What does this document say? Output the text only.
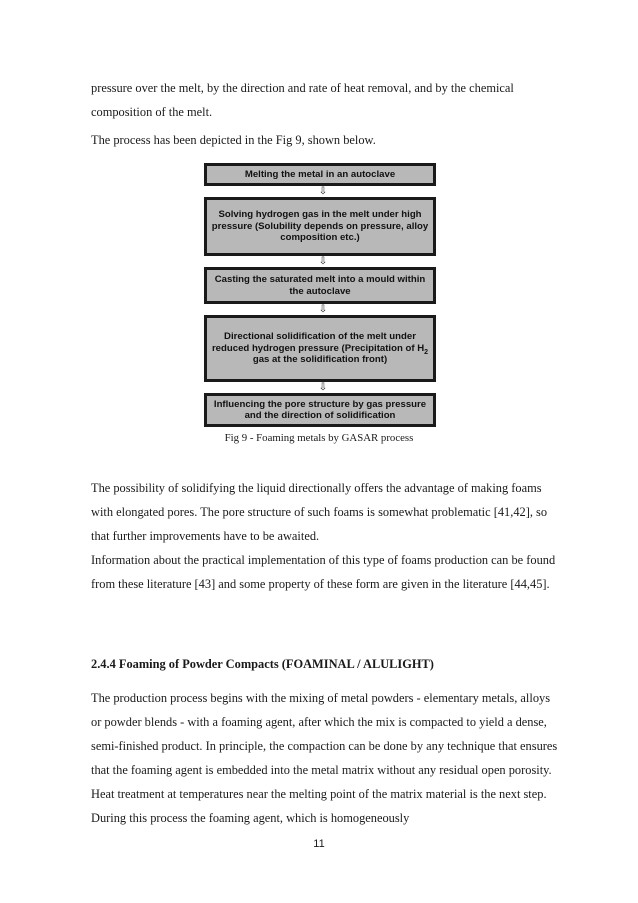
pressure over the melt, by the direction and rate of heat removal, and by the chemical composition of the melt.

The process has been depicted in the Fig 9, shown below.

Melting the metal in an autoclave
⇩
Solving hydrogen gas in the melt under high pressure (Solubility depends on pressure, alloy composition etc.)
⇩
Casting the saturated melt into a mould within the autoclave
⇩
Directional solidification of the melt under reduced hydrogen pressure (Precipitation of $H_2$ gas at the solidification front)
⇩
Influencing the pore structure by gas pressure and the direction of solidification
Fig 9 - Foaming metals by GASAR process

The possibility of solidifying the liquid directionally offers the advantage of making foams with elongated pores. The pore structure of such foams is somewhat problematic [41,42], so that further improvements have to be awaited.

Information about the practical implementation of this type of foams production can be found from these literature [43] and some property of these form are given in the literature [44,45].

2.4.4 Foaming of Powder Compacts (FOAMINAL / ALULIGHT)

The production process begins with the mixing of metal powders - elementary metals, alloys or powder blends - with a foaming agent, after which the mix is compacted to yield a dense, semi-finished product. In principle, the compaction can be done by any technique that ensures that the foaming agent is embedded into the metal matrix without any residual open porosity. Heat treatment at temperatures near the melting point of the matrix material is the next step. During this process the foaming agent, which is homogeneously

11
